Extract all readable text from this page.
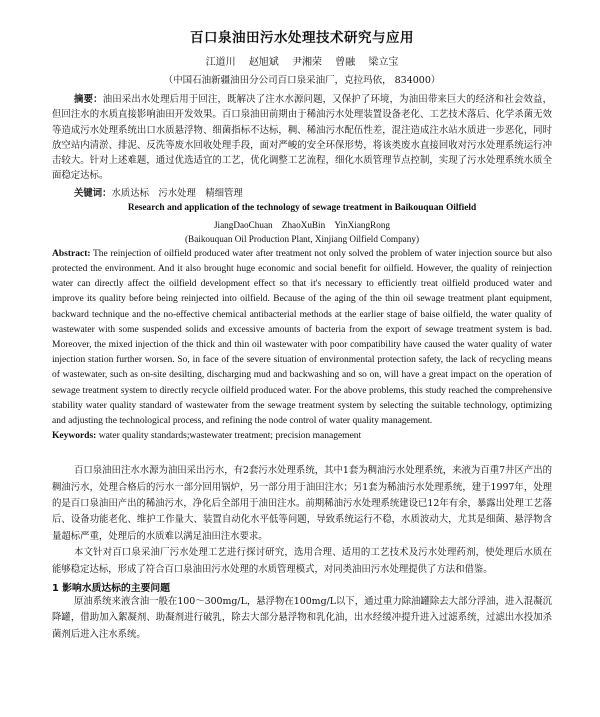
百口泉油田污水处理技术研究与应用
江道川 赵旭斌 尹湘荣 曾融 梁立宝
（中国石油新疆油田分公司百口泉采油厂，克拉玛依， 834000）
摘要：油田采出水处理后用于回注，既解决了注水水源问题，又保护了环境，为油田带来巨大的经济和社会效益，但回注水的水质直接影响油田开发效果。百口泉油田前期由于稀油污水处理装置设备老化、工艺技术落后、化学杀菌无效等造成污水处理系统出口水质悬浮物、细菌指标不达标，稠、稀油污水配伍性差，混注造成注水站水质进一步恶化，同时放空站内清淤、排泥、反洗等废水回收处理手段，面对严峻的安全环保形势，将该类废水直接回收对污水处理系统运行冲击较大。针对上述难题，通过优选适宜的工艺，优化调整工艺流程，细化水质管理节点控制，实现了污水处理系统水质全面稳定达标。
关键词：水质达标　污水处理　精细管理
Research and application of the technology of sewage treatment in Baikouquan Oilfield
JiangDaoChuan　ZhaoXuBin　YinXiangRong
(Baikouquan Oil Production Plant, Xinjiang Oilfield Company)
Abstract: The reinjection of oilfield produced water after treatment not only solved the problem of water injection source but also protected the environment. And it also brought huge economic and social benefit for oilfield. However, the quality of reinjection water can directly affect the oilfield development effect so that it's necessary to efficiently treat oilfield produced water and improve its quality before being reinjected into oilfield. Because of the aging of the thin oil sewage treatment plant equipment, backward technique and the no-effective chemical antibacterial methods at the earlier stage of baise oilfield, the water quality of wastewater with some suspended solids and excessive amounts of bacteria from the export of sewage treatment system is bad. Moreover, the mixed injection of the thick and thin oil wastewater with poor compatibility have caused the water quality of water injection station further worsen. So, in face of the severe situation of environmental protection safety, the lack of recycling means of wastewater, such as on-site desilting, discharging mud and backwashing and so on, will have a great impact on the operation of sewage treatment system to directly recycle oilfield produced water. For the above problems, this study reached the comprehensive stability water quality standard of wastewater from the sewage treatment system by selecting the suitable technology, optimizing and adjusting the technological process, and refining the node control of water quality management.
Keywords: water quality standards;wastewater treatment; precision management

百口泉油田注水水源为油田采出污水，有2套污水处理系统，其中1套为稠油污水处理系统，来液为百重7井区产出的稠油污水，处理合格后的污水一部分回用锅炉，另一部分用于油田注水；另1套为稀油污水处理系统，建于1997年，处理的是百口泉油田产出的稀油污水，净化后全部用于油田注水。前期稀油污水处理系统建设已12年有余，暴露出处理工艺落后、设备功能老化、维护工作量大、装置自动化水平低等问题，导致系统运行不稳，水质波动大，尤其是细菌、悬浮物含量超标严重，处理后的水质难以满足油田注水要求。

本文针对百口泉采油厂污水处理工艺进行探讨研究，选用合理、适用的工艺技术及污水处理药剂，使处理后水质在能够稳定达标，形成了符合百口泉油田污水处理的水质管理模式，对同类油田污水处理提供了方法和借鉴。

1 影响水质达标的主要问题

原油系统来液含油一般在100～300mg/L，悬浮物在100mg/L以下，通过重力除油罐除去大部分浮油，进入混凝沉降罐，借助加入絮凝剂、助凝剂进行破乳，除去大部分悬浮物和乳化油，出水经缓冲提升进入过滤系统，过滤出水投加杀菌剂后进入注水系统。
